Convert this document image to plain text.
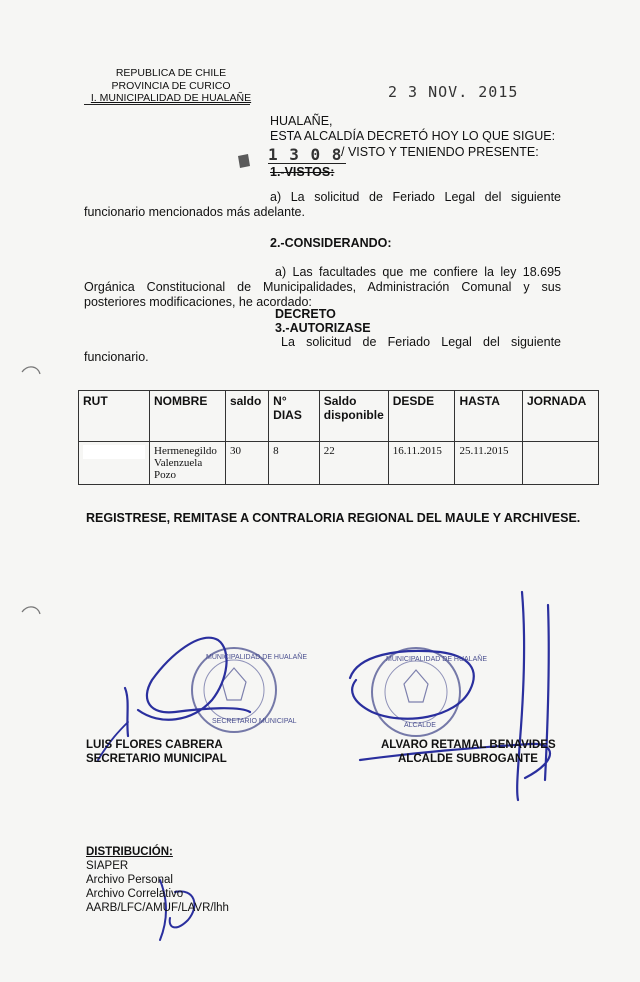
REPUBLICA DE CHILE
PROVINCIA DE CURICO
I. MUNICIPALIDAD DE HUALAÑE	2 3 NOV. 2015
HUALAÑE,
ESTA ALCALDÍA DECRETÓ HOY LO QUE SIGUE:
1 3 0 8
/ VISTO Y TENIENDO PRESENTE:
1.-VISTOS:
a) La solicitud de Feriado Legal del siguiente
funcionario mencionados más adelante.
2.-CONSIDERANDO:
a) Las facultades que me confiere la ley 18.695
Orgánica Constitucional de Municipalidades, Administración Comunal y sus
posteriores modificaciones, he acordado:
DECRETO
3.-AUTORIZASE
La solicitud de Feriado Legal del siguiente
funcionario.
RUT	NOMBRE	saldo	N° DIAS	Saldo disponible	DESDE	HASTA	JORNADA
	Hermenegildo Valenzuela Pozo	30	8	22	16.11.2015	25.11.2015	
REGISTRESE, REMITASE A CONTRALORIA REGIONAL DEL MAULE Y ARCHIVESE.
MUNICIPALIDAD DE HUALAÑE
SECRETARIO MUNICIPAL
MUNICIPALIDAD DE HUALAÑE
ALCALDE
LUIS FLORES CABRERA
SECRETARIO MUNICIPAL
ALVARO RETAMAL BENAVIDES
ALCALDE SUBROGANTE
DISTRIBUCIÓN:
SIAPER
Archivo Personal
Archivo Correlativo
AARB/LFC/AMUF/LAVR/lhh
